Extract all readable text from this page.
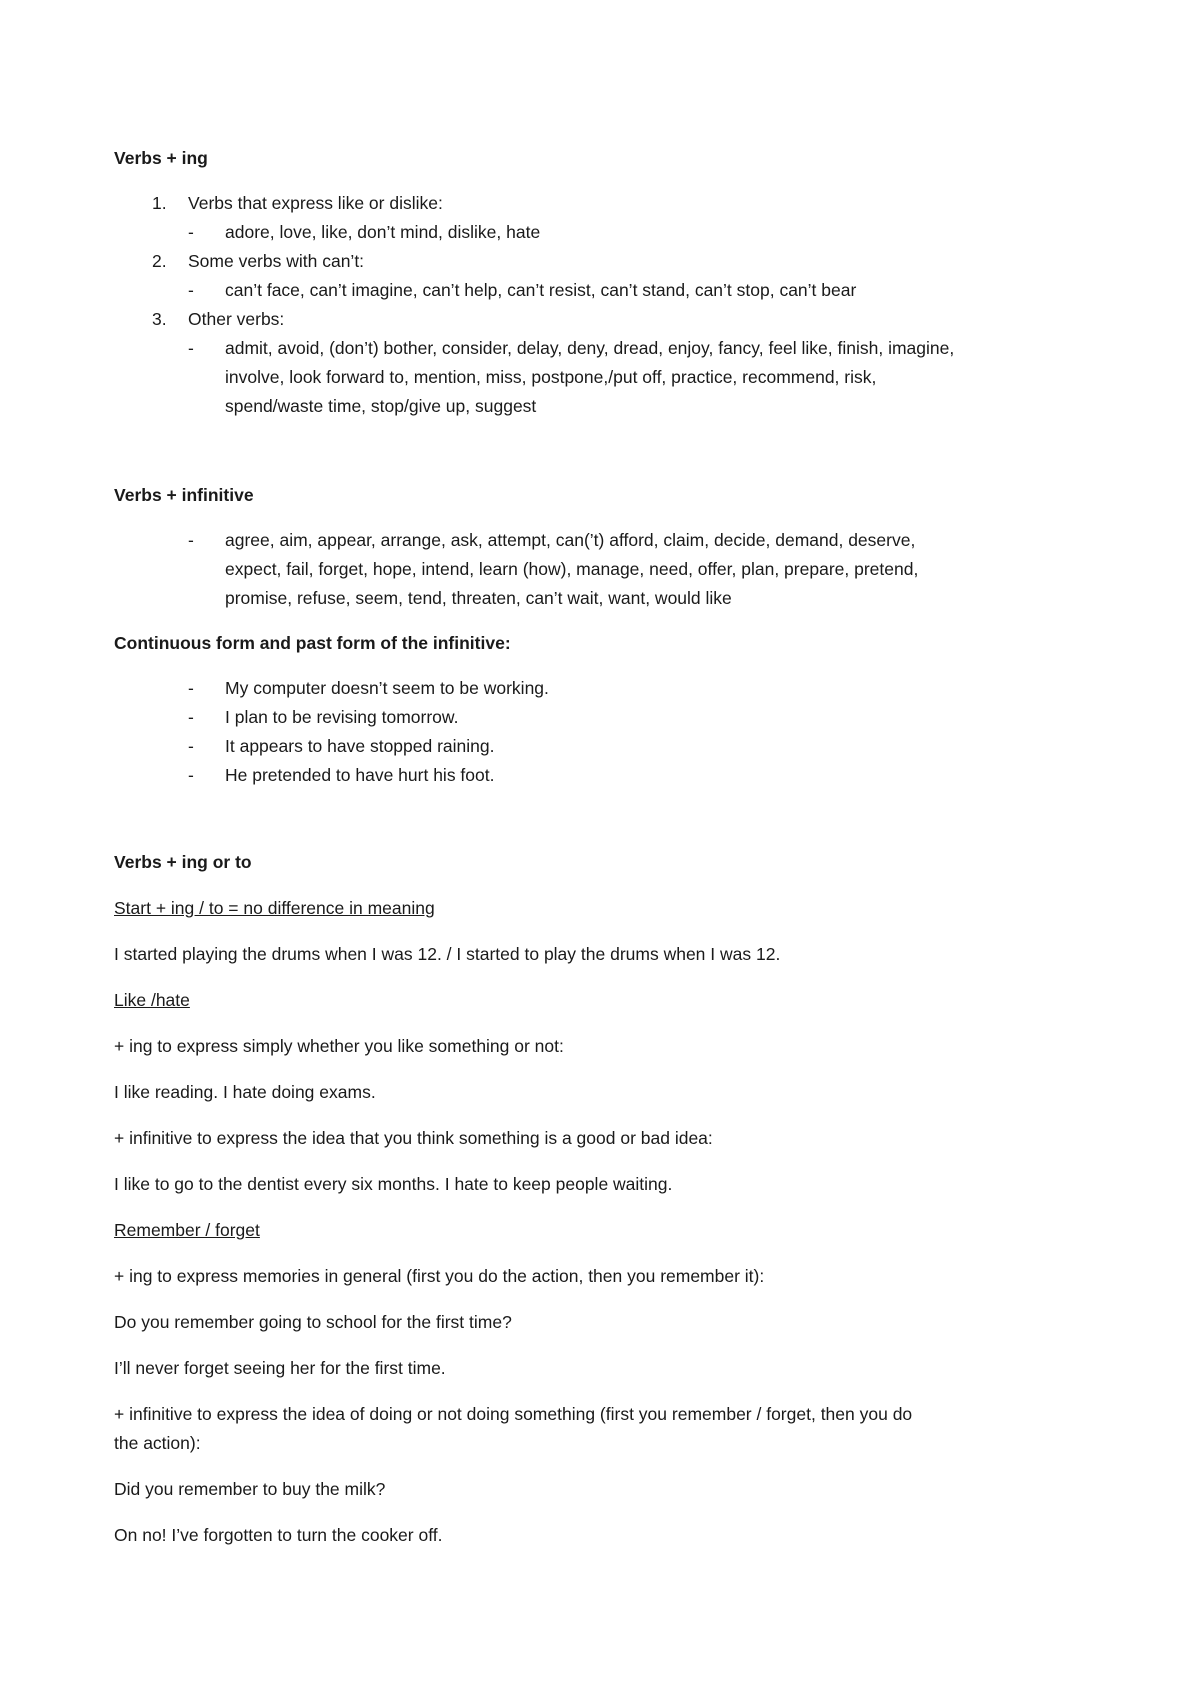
Verbs + ing

1. Verbs that express like or dislike:
- adore, love, like, don’t mind, dislike, hate
2. Some verbs with can’t:
- can’t face, can’t imagine, can’t help, can’t resist, can’t stand, can’t stop, can’t bear
3. Other verbs:
- admit, avoid, (don’t) bother, consider, delay, deny, dread, enjoy, fancy, feel like, finish, imagine,
involve, look forward to, mention, miss, postpone,/put off, practice, recommend, risk,
spend/waste time, stop/give up, suggest

Verbs + infinitive

- agree, aim, appear, arrange, ask, attempt, can(’t) afford, claim, decide, demand, deserve,
expect, fail, forget, hope, intend, learn (how), manage, need, offer, plan, prepare, pretend,
promise, refuse, seem, tend, threaten, can’t wait, want, would like

Continuous form and past form of the infinitive:

- My computer doesn’t seem to be working.
- I plan to be revising tomorrow.
- It appears to have stopped raining.
- He pretended to have hurt his foot.

Verbs + ing or to

Start + ing / to = no difference in meaning

I started playing the drums when I was 12. / I started to play the drums when I was 12.

Like /hate

+ ing to express simply whether you like something or not:

I like reading. I hate doing exams.

+ infinitive to express the idea that you think something is a good or bad idea:

I like to go to the dentist every six months. I hate to keep people waiting.

Remember / forget

+ ing to express memories in general (first you do the action, then you remember it):

Do you remember going to school for the first time?

I’ll never forget seeing her for the first time.

+ infinitive to express the idea of doing or not doing something (first you remember / forget, then you do

the action):

Did you remember to buy the milk?

On no! I’ve forgotten to turn the cooker off.
